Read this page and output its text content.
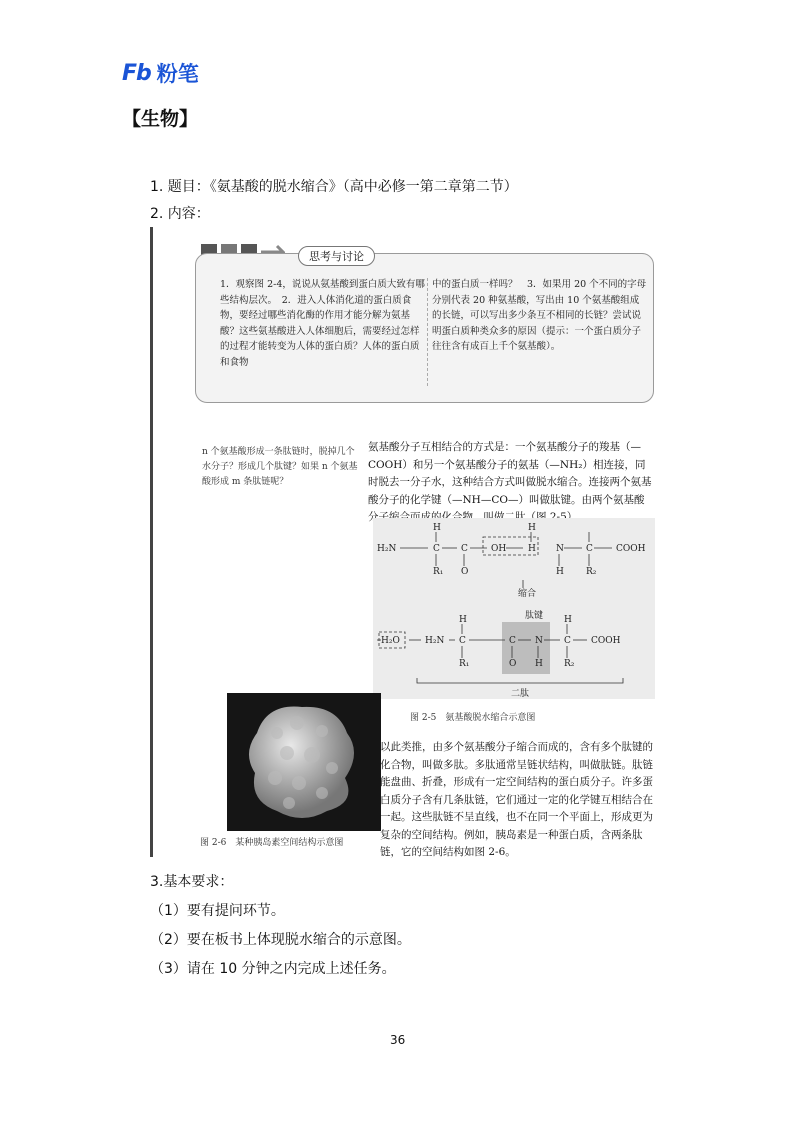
Fb 粉笔
【生物】
1. 题目：《氨基酸的脱水缩合》（高中必修一第二章第二节）
2. 内容：
思考与讨论
1．观察图 2-4，说说从氨基酸到蛋白质大致有哪些结构层次。　2．进入人体消化道的蛋白质食物，要经过哪些消化酶的作用才能分解为氨基酸？这些氨基酸进入人体细胞后，需要经过怎样的过程才能转变为人体的蛋白质？人体的蛋白质和食物
中的蛋白质一样吗？　3．如果用 20 个不同的字母分别代表 20 种氨基酸，写出由 10 个氨基酸组成的长链，可以写出多少条互不相同的长链？尝试说明蛋白质种类众多的原因（提示：一个蛋白质分子往往含有成百上千个氨基酸）。
n 个氨基酸形成一条肽链时，脱掉几个水分子？形成几个肽键？如果 n 个氨基酸形成 m 条肽链呢？
氨基酸分子互相结合的方式是：一个氨基酸分子的羧基（—COOH）和另一个氨基酸分子的氨基（—NH₂）相连接，同时脱去一分子水，这种结合方式叫做脱水缩合。连接两个氨基酸分子的化学键（—NH—CO—）叫做肽键。由两个氨基酸分子缩合而成的化合物，叫做二肽（图 2-5）。
H	H
H₂N	C C	OH H N C	COOH
R₁ O	H R₂
缩合
肽键
H	H
H₂O	H₂N C	C N C COOH
R₁	O H R₂
二肽
图 2-5　氨基酸脱水缩合示意图
图 2-6　某种胰岛素空间结构示意图
以此类推，由多个氨基酸分子缩合而成的，含有多个肽键的化合物，叫做多肽。多肽通常呈链状结构，叫做肽链。肽链能盘曲、折叠，形成有一定空间结构的蛋白质分子。许多蛋白质分子含有几条肽链，它们通过一定的化学键互相结合在一起。这些肽链不呈直线，也不在同一个平面上，形成更为复杂的空间结构。例如，胰岛素是一种蛋白质，含两条肽链，它的空间结构如图 2-6。
3.基本要求：
（1）要有提问环节。
（2）要在板书上体现脱水缩合的示意图。
（3）请在 10 分钟之内完成上述任务。
36
